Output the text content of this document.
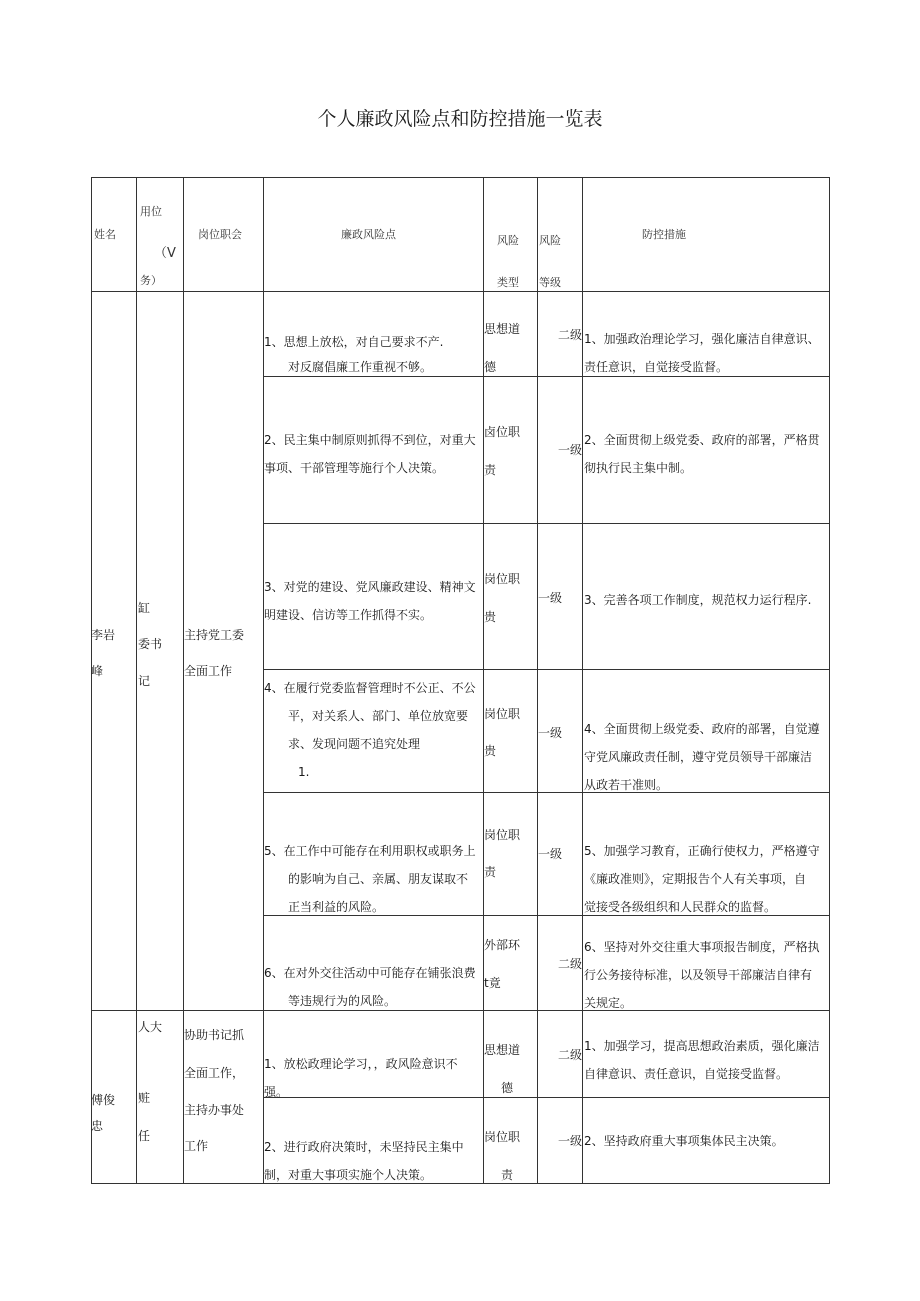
个人廉政风险点和防控措施一览表
姓名
用位
（V
务）
岗位职会	廉政风险点	风险
类型
风险
等级
防控措施
李岩
峰
缸
委书
记
主持党工委
全面工作
1、思想上放松，对自己要求不产.
对反腐倡廉工作重视不够。
思想道
德
二级 1、加强政治理论学习，强化廉洁自律意识、
责任意识，自觉接受监督。
2、民主集中制原则抓得不到位，对重大
事项、干部管理等施行个人决策。
卤位职
责
一级
2、全面贯彻上级党委、政府的部署，严格贯
彻执行民主集中制。
3、对党的建设、党风廉政建设、精神文
明建设、信访等工作抓得不实。
岗位职
贵
一级 3、完善各项工作制度，规范权力运行程序.
4、在履行党委监督管理时不公正、不公
平，对关系人、部门、单位放宽要
求、发现问题不追究处理
1.
岗位职
贵
一级 4、全面贯彻上级党委、政府的部署，自觉遵
守党风廉政责任制，遵守党员领导干部廉洁
从政若干准则。
5、在工作中可能存在利用职权或职务上
的影响为自己、亲属、朋友谋取不
正当利益的风险。
岗位职
责
一级 5、加强学习教育，正确行使权力，严格遵守
《廉政准则》，定期报告个人有关事项，自
觉接受各级组织和人民群众的监督。
6、在对外交往活动中可能存在铺张浪费
等违规行为的风险。
外部环
t竟
二级
6、坚持对外交往重大事项报告制度，严格执
行公务接待标准，以及领导干部廉洁自律有
关规定。
傅俊
忠
人大
赃
任
协助书记抓
全面工作，
主持办事处
工作
1、放松政理论学习，，政风险意识不
强。
思想道
德
二级
1、加强学习，提高思想政治素质，强化廉洁
自律意识、责任意识，自觉接受监督。
2、进行政府决策时，未坚持民主集中
制，对重大事项实施个人决策。
岗位职
责
一级 2、坚持政府重大事项集体民主决策。
